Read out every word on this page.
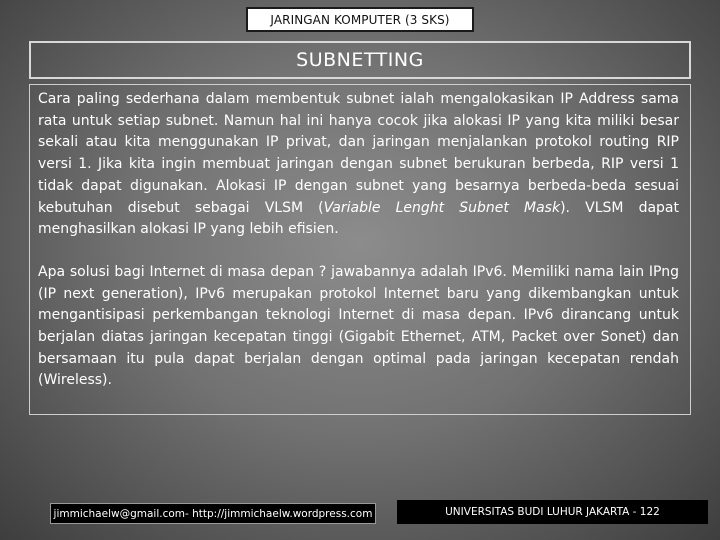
JARINGAN KOMPUTER (3 SKS)
SUBNETTING

Cara paling sederhana dalam membentuk subnet ialah mengalokasikan IP Address sama rata untuk setiap subnet. Namun hal ini hanya cocok jika alokasi IP yang kita miliki besar sekali atau kita menggunakan IP privat, dan jaringan menjalankan protokol routing RIP versi 1. Jika kita ingin membuat jaringan dengan subnet berukuran berbeda, RIP versi 1 tidak dapat digunakan. Alokasi IP dengan subnet yang besarnya berbeda-beda sesuai kebutuhan disebut sebagai VLSM (Variable Lenght Subnet Mask). VLSM dapat menghasilkan alokasi IP yang lebih efisien.

Apa solusi bagi Internet di masa depan ? jawabannya adalah IPv6. Memiliki nama lain IPng (IP next generation), IPv6 merupakan protokol Internet baru yang dikembangkan untuk mengantisipasi perkembangan teknologi Internet di masa depan. IPv6 dirancang untuk berjalan diatas jaringan kecepatan tinggi (Gigabit Ethernet, ATM, Packet over Sonet) dan bersamaan itu pula dapat berjalan dengan optimal pada jaringan kecepatan rendah (Wireless).

jimmichaelw@gmail.com- http://jimmichaelw.wordpress.com	UNIVERSITAS BUDI LUHUR JAKARTA - 122
